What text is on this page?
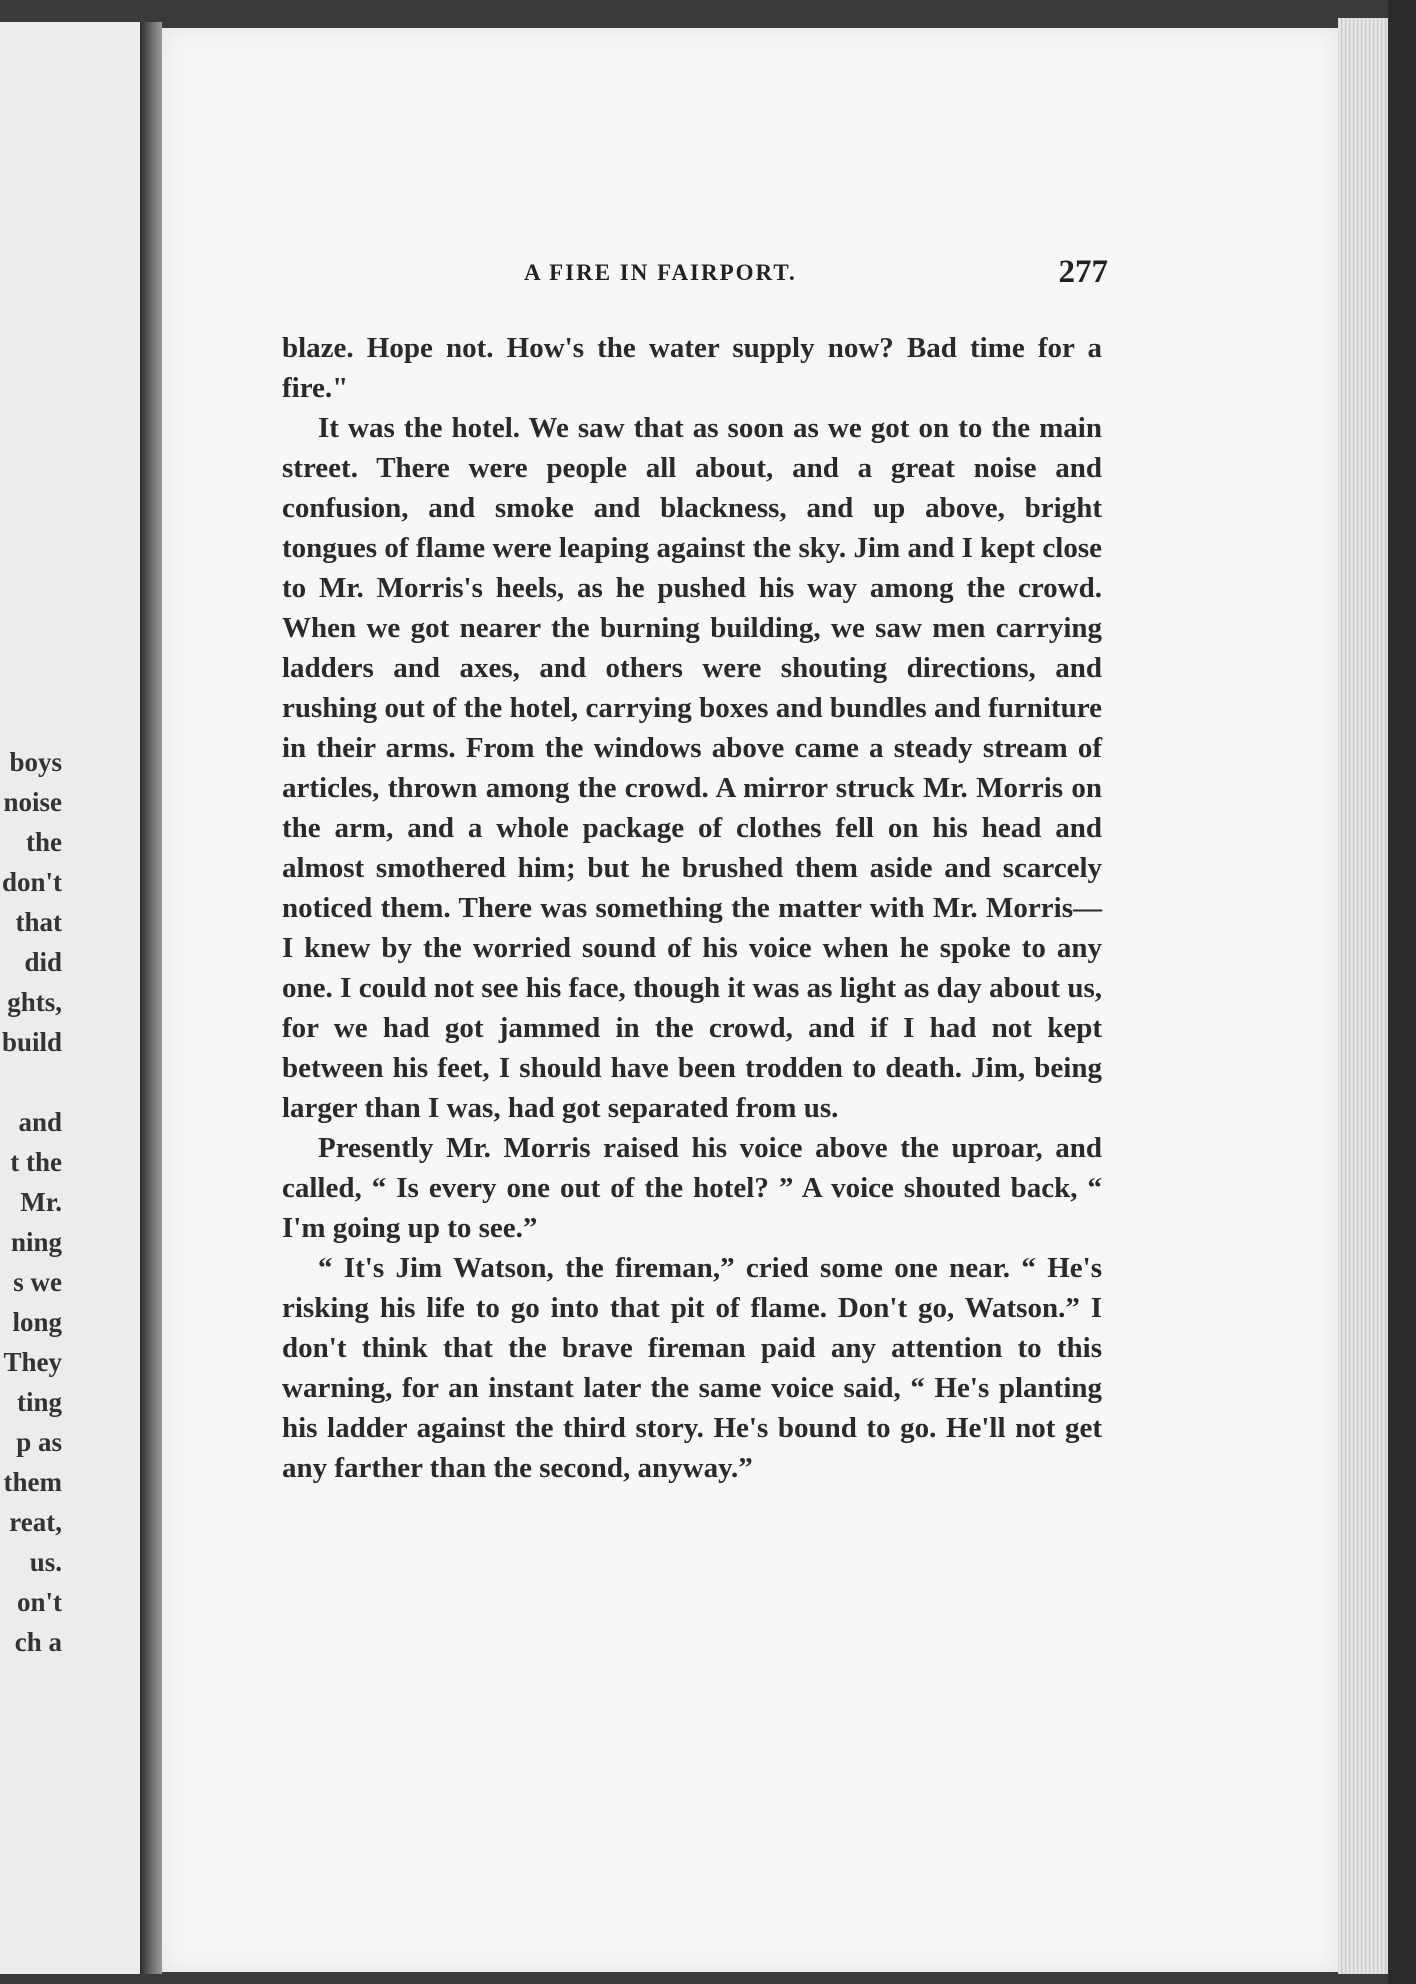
boys
noise
the
don't
that
did
ghts,
build
and
t the
Mr.
ning
s we
long
They
ting
p as
them
reat,
us.
on't
ch a
A FIRE IN FAIRPORT.	277

blaze. Hope not. How's the water supply now? Bad time for a fire."

It was the hotel. We saw that as soon as we got on to the main street. There were people all about, and a great noise and confusion, and smoke and blackness, and up above, bright tongues of flame were leaping against the sky. Jim and I kept close to Mr. Morris's heels, as he pushed his way among the crowd. When we got nearer the burning building, we saw men carrying ladders and axes, and others were shouting directions, and rushing out of the hotel, carrying boxes and bundles and furniture in their arms. From the windows above came a steady stream of articles, thrown among the crowd. A mirror struck Mr. Morris on the arm, and a whole package of clothes fell on his head and almost smothered him; but he brushed them aside and scarcely noticed them. There was something the matter with Mr. Morris—I knew by the worried sound of his voice when he spoke to any one. I could not see his face, though it was as light as day about us, for we had got jammed in the crowd, and if I had not kept between his feet, I should have been trodden to death. Jim, being larger than I was, had got separated from us.

Presently Mr. Morris raised his voice above the uproar, and called, “ Is every one out of the hotel? ” A voice shouted back, “ I'm going up to see.”

“ It's Jim Watson, the fireman,” cried some one near. “ He's risking his life to go into that pit of flame. Don't go, Watson.” I don't think that the brave fireman paid any attention to this warning, for an instant later the same voice said, “ He's planting his ladder against the third story. He's bound to go. He'll not get any farther than the second, anyway.”
